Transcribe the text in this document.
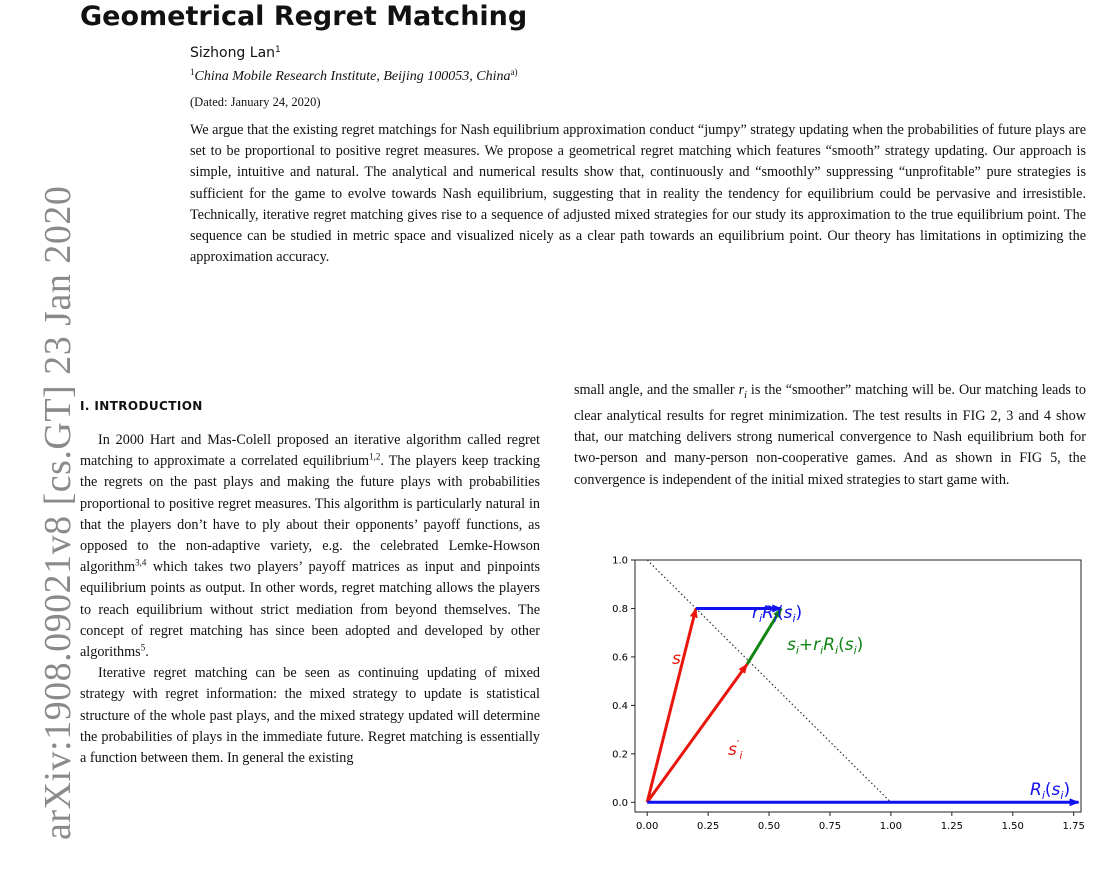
arXiv:1908.09021v8 [cs.GT] 23 Jan 2020
Geometrical Regret Matching
Sizhong Lan$^1$
$^1$China Mobile Research Institute, Beijing 100053, China$^{a)}$
(Dated: January 24, 2020)

We argue that the existing regret matchings for Nash equilibrium approximation conduct “jumpy” strategy updating when the probabilities of future plays are set to be proportional to positive regret measures. We propose a geometrical regret matching which features “smooth” strategy updating. Our approach is simple, intuitive and natural. The analytical and numerical results show that, continuously and “smoothly” suppressing “unprofitable” pure strategies is sufficient for the game to evolve towards Nash equilibrium, suggesting that in reality the tendency for equilibrium could be pervasive and irresistible. Technically, iterative regret matching gives rise to a sequence of adjusted mixed strategies for our study its approximation to the true equilibrium point. The sequence can be studied in metric space and visualized nicely as a clear path towards an equilibrium point. Our theory has limitations in optimizing the approximation accuracy.

I. INTRODUCTION

In 2000 Hart and Mas-Colell proposed an iterative algorithm called regret matching to approximate a correlated equilibrium$^{1,2}$. The players keep tracking the regrets on the past plays and making the future plays with probabilities proportional to positive regret measures. This algorithm is particularly natural in that the players don’t have to ply about their opponents’ payoff functions, as opposed to the non-adaptive variety, e.g. the celebrated Lemke-Howson algorithm$^{3,4}$ which takes two players’ payoff matrices as input and pinpoints equilibrium points as output. In other words, regret matching allows the players to reach equilibrium without strict mediation from beyond themselves. The concept of regret matching has since been adopted and developed by other algorithms$^5$.

Iterative regret matching can be seen as continuing updating of mixed strategy with regret information: the mixed strategy to update is statistical structure of the whole past plays, and the mixed strategy updated will determine the probabilities of plays in the immediate future. Regret matching is essentially a function between them. In general the existing

small angle, and the smaller $r_i$ is the “smoother” matching will be. Our matching leads to clear analytical results for regret minimization. The test results in FIG 2, 3 and 4 show that, our matching delivers strong numerical convergence to Nash equilibrium both for two-person and many-person non-cooperative games. And as shown in FIG 5, the convergence is independent of the initial mixed strategies to start game with.

0.00	0.25	0.50	0.75	1.00	1.25	1.50	1.75
0.0
0.2
0.4
0.6
0.8
1.0
$r_iR_i(s_i)$
$s_i$
$s_i+r_iR_i(s_i)$
$s'_i$
$R_i(s_i)$
